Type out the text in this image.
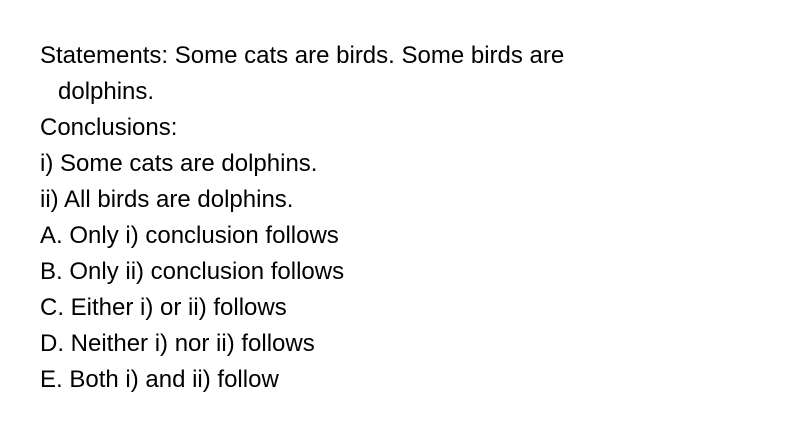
Statements: Some cats are birds. Some birds are
dolphins.
Conclusions:
i) Some cats are dolphins.
ii) All birds are dolphins.
A. Only i) conclusion follows
B. Only ii) conclusion follows
C. Either i) or ii) follows
D. Neither i) nor ii) follows
E. Both i) and ii) follow
